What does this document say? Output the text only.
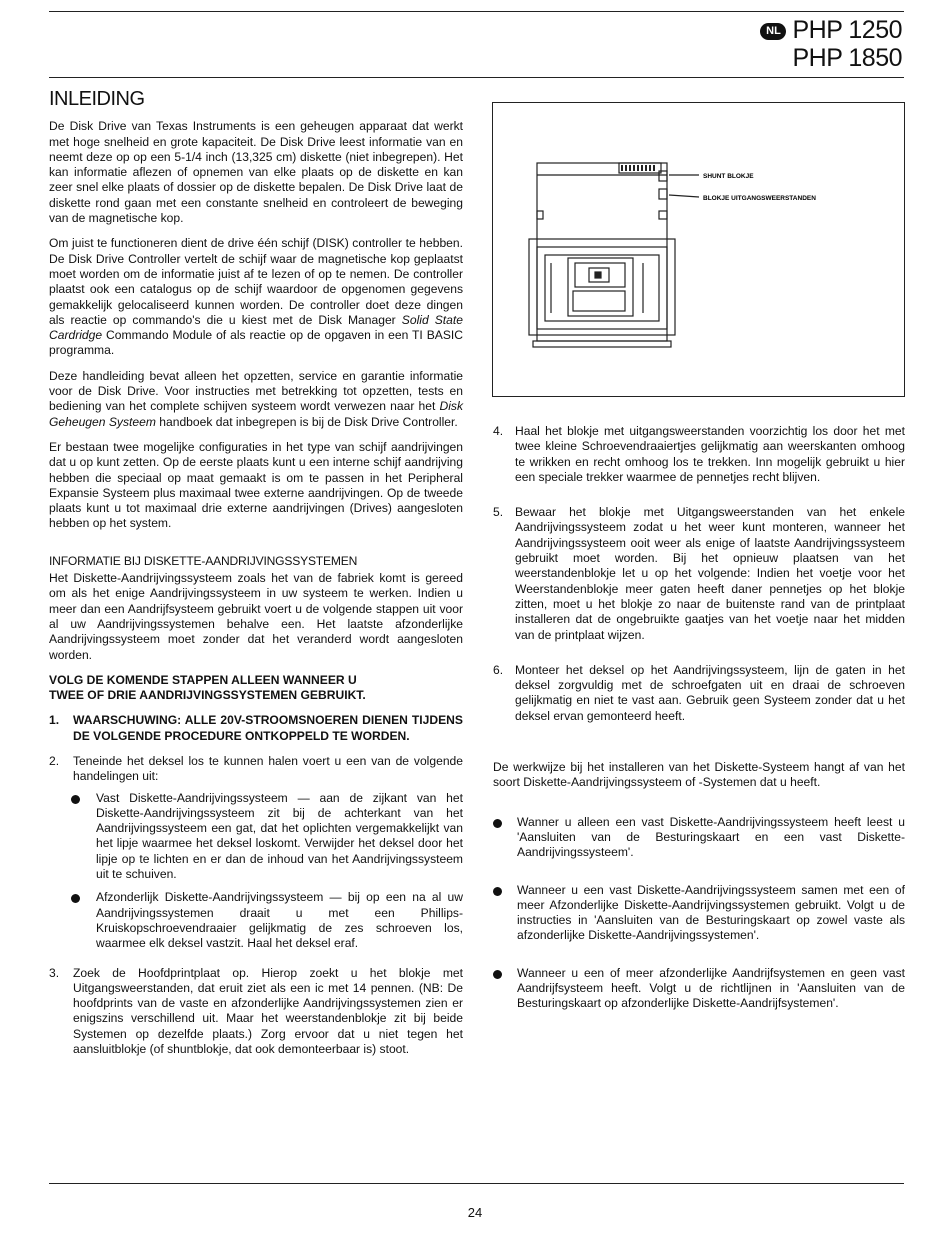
NL PHP 1250
PHP 1850
INLEIDING

De Disk Drive van Texas Instruments is een geheugen apparaat dat werkt met hoge snelheid en grote kapaciteit. De Disk Drive leest informatie van en neemt deze op op een 5-1/4 inch (13,325 cm) diskette (niet inbegrepen). Het kan informatie aflezen of opnemen van elke plaats op de diskette en kan zeer snel elke plaats of dossier op de diskette bepalen. De Disk Drive laat de diskette rond gaan met een constante snelheid en controleert de beweging van de magnetische kop.

Om juist te functioneren dient de drive één schijf (DISK) controller te hebben. De Disk Drive Controller vertelt de schijf waar de magnetische kop geplaatst moet worden om de informatie juist af te lezen of op te nemen. De controller plaatst ook een catalogus op de schijf waardoor de opgenomen gegevens gemakkelijk gelocaliseerd kunnen worden. De controller doet deze dingen als reactie op commando's die u kiest met de Disk Manager Solid State Cardridge Commando Module of als reactie op de opgaven in een TI BASIC programma.

Deze handleiding bevat alleen het opzetten, service en garantie informatie voor de Disk Drive. Voor instructies met betrekking tot opzetten, tests en bediening van het complete schijven systeem wordt verwezen naar het Disk Geheugen Systeem handboek dat inbegrepen is bij de Disk Drive Controller.

Er bestaan twee mogelijke configuraties in het type van schijf aandrijvingen dat u op kunt zetten. Op de eerste plaats kunt u een interne schijf aandrijving hebben die speciaal op maat gemaakt is om te passen in het Peripheral Expansie Systeem plus maximaal twee externe aandrijvingen. Op de tweede plaats kunt u tot maximaal drie externe aandrijvingen (Drives) aangesloten hebben op het system.

INFORMATIE BIJ DISKETTE-AANDRIJVINGSSYSTEMEN

Het Diskette-Aandrijvingssysteem zoals het van de fabriek komt is gereed om als het enige Aandrijvingssysteem in uw systeem te werken. Indien u meer dan een Aandrijfsysteem gebruikt voert u de volgende stappen uit voor al uw Aandrijvingssystemen behalve een. Het laatste afzonderlijke Aandrijvingssysteem moet zonder dat het veranderd wordt aangesloten worden.

VOLG DE KOMENDE STAPPEN ALLEEN WANNEER U
TWEE OF DRIE AANDRIJVINGSSYSTEMEN GEBRUIKT.
1. WAARSCHUWING: ALLE 20V-STROOMSNOEREN DIENEN TIJDENS DE VOLGENDE PROCEDURE ONTKOPPELD TE WORDEN.
2. Teneinde het deksel los te kunnen halen voert u een van de volgende handelingen uit:
Vast Diskette-Aandrijvingssysteem — aan de zijkant van het Diskette-Aandrijvingssysteem zit bij de achterkant van het Aandrijvingssysteem een gat, dat het oplichten vergemakkelijkt van het lipje waarmee het deksel loskomt. Verwijder het deksel door het lipje op te lichten en er dan de inhoud van het Aandrijvingssysteem uit te schuiven.
Afzonderlijk Diskette-Aandrijvingssysteem — bij op een na al uw Aandrijvingssystemen draait u met een Phillips-Kruiskopschroevendraaier gelijkmatig de zes schroeven los, waarmee elk deksel vastzit. Haal het deksel eraf.
3. Zoek de Hoofdprintplaat op. Hierop zoekt u het blokje met Uitgangsweerstanden, dat eruit ziet als een ic met 14 pennen. (NB: De hoofdprints van de vaste en afzonderlijke Aandrijvingssystemen zien er enigszins verschillend uit. Maar het weerstandenblokje zit bij beide Systemen op dezelfde plaats.) Zorg ervoor dat u niet tegen het aansluitblokje (of shuntblokje, dat ook demonteerbaar is) stoot.
SHUNT BLOKJE
BLOKJE UITGANGSWEERSTANDEN
4. Haal het blokje met uitgangsweerstanden voorzichtig los door het met twee kleine Schroevendraaiertjes gelijkmatig aan weerskanten omhoog te wrikken en recht omhoog los te trekken. Inn mogelijk gebruikt u hier een speciale trekker waarmee de pennetjes recht blijven.
5. Bewaar het blokje met Uitgangsweerstanden van het enkele Aandrijvingssysteem zodat u het weer kunt monteren, wanneer het Aandrijvingssysteem ooit weer als enige of laatste Aandrijvingssysteem gebruikt moet worden. Bij het opnieuw plaatsen van het weerstandenblokje let u op het volgende: Indien het voetje voor het Weerstandenblokje meer gaten heeft daner pennetjes op het blokje zitten, moet u het blokje zo naar de buitenste rand van de printplaat installeren dat de ongebruikte gaatjes van het voetje naar het midden van de printplaat wijzen.
6. Monteer het deksel op het Aandrijvingssysteem, lijn de gaten in het deksel zorgvuldig met de schroefgaten uit en draai de schroeven gelijkmatig en niet te vast aan. Gebruik geen Systeem zonder dat u het deksel ervan gemonteerd heeft.

De werkwijze bij het installeren van het Diskette-Systeem hangt af van het soort Diskette-Aandrijvingssysteem of -Systemen dat u heeft.

Wanner u alleen een vast Diskette-Aandrijvingssysteem heeft leest u 'Aansluiten van de Besturingskaart en een vast Diskette-Aandrijvingssysteem'.
Wanneer u een vast Diskette-Aandrijvingssysteem samen met een of meer Afzonderlijke Diskette-Aandrijvingssystemen gebruikt. Volgt u de instructies in 'Aansluiten van de Besturingskaart op zowel vaste als afzonderlijke Diskette-Aandrijvingssystemen'.
Wanneer u een of meer afzonderlijke Aandrijfsystemen en geen vast Aandrijfsysteem heeft. Volgt u de richtlijnen in 'Aansluiten van de Besturingskaart op afzonderlijke Diskette-Aandrijfsystemen'.
24
